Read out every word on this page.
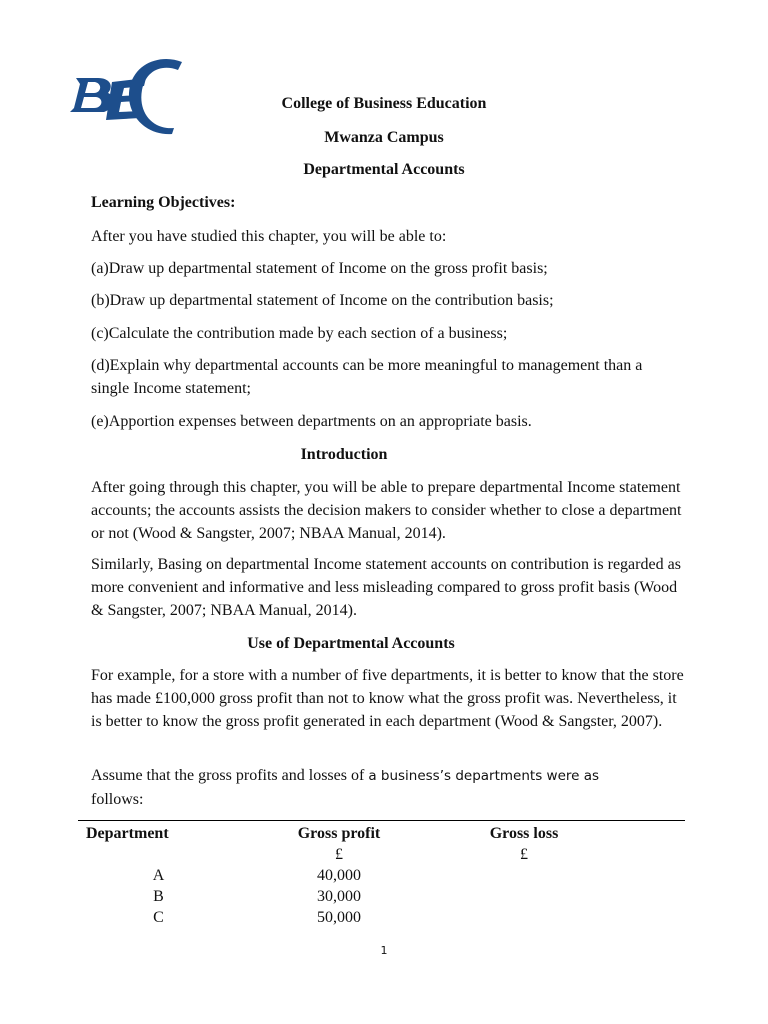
College of Business Education
Mwanza Campus
Departmental Accounts
Learning Objectives:
After you have studied this chapter, you will be able to:
(a)Draw up departmental statement of Income on the gross profit basis;
(b)Draw up departmental statement of Income on the contribution basis;
(c)Calculate the contribution made by each section of a business;
(d)Explain why departmental accounts can be more meaningful to management than a single Income statement;
(e)Apportion expenses between departments on an appropriate basis.
Introduction
After going through this chapter, you will be able to prepare departmental Income statement accounts; the accounts assists the decision makers to consider whether to close a department or not (Wood & Sangster, 2007; NBAA Manual, 2014).
Similarly, Basing on departmental Income statement accounts on contribution is regarded as more convenient and informative and less misleading compared to gross profit basis (Wood & Sangster, 2007; NBAA Manual, 2014).
Use of Departmental Accounts
For example, for a store with a number of five departments, it is better to know that the store has made £100,000 gross profit than not to know what the gross profit was. Nevertheless, it is better to know the gross profit generated in each department (Wood & Sangster, 2007).
Assume that the gross profits and losses of a business’s departments were as
follows:
Department	Gross profit	Gross loss	
	£	£	
A	40,000		
B	30,000		
C	50,000		
1
